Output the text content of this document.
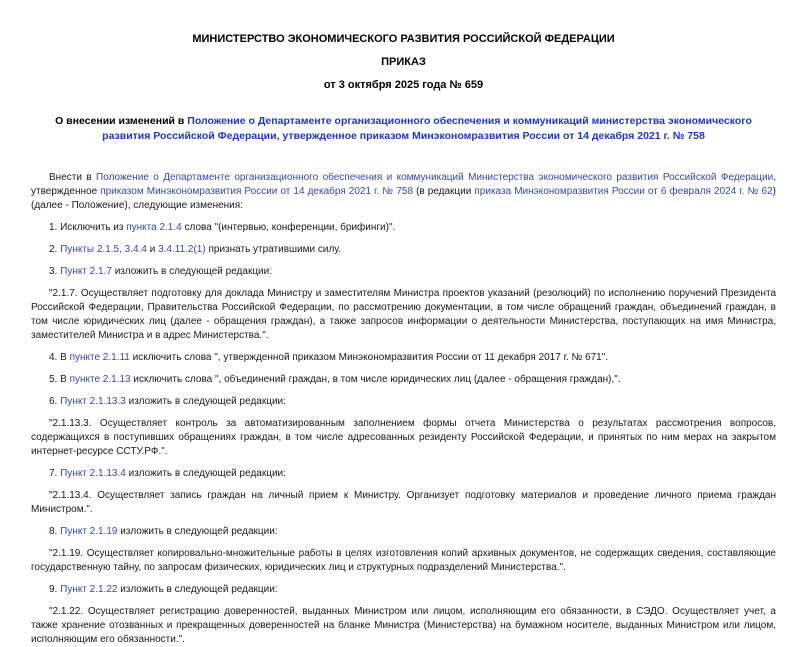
МИНИСТЕРСТВО ЭКОНОМИЧЕСКОГО РАЗВИТИЯ РОССИЙСКОЙ ФЕДЕРАЦИИ
ПРИКАЗ
от 3 октября 2025 года № 659
О внесении изменений в Положение о Департаменте организационного обеспечения и коммуникаций министерства экономического развития Российской Федерации, утвержденное приказом Минэкономразвития России от 14 декабря 2021 г. № 758

Внести в Положение о Департаменте организационного обеспечения и коммуникаций Министерства экономического развития Российской Федерации, утвержденное приказом Минэкономразвития России от 14 декабря 2021 г. № 758 (в редакции приказа Минэкономразвития России от 6 февраля 2024 г. № 62) (далее - Положение), следующие изменения:

1. Исключить из пункта 2.1.4 слова "(интервью, конференции, брифинги)".

2. Пункты 2.1.5, 3.4.4 и 3.4.11.2(1) признать утратившими силу.

3. Пункт 2.1.7 изложить в следующей редакции:

"2.1.7. Осуществляет подготовку для доклада Министру и заместителям Министра проектов указаний (резолюций) по исполнению поручений Президента Российской Федерации, Правительства Российской Федерации, по рассмотрению документации, в том числе обращений граждан, объединений граждан, в том числе юридических лиц (далее - обращения граждан), а также запросов информации о деятельности Министерства, поступающих на имя Министра, заместителей Министра и в адрес Министерства.".

4. В пункте 2.1.11 исключить слова ", утвержденной приказом Минэкономразвития России от 11 декабря 2017 г. № 671".

5. В пункте 2.1.13 исключить слова ", объединений граждан, в том числе юридических лиц (далее - обращения граждан),".

6. Пункт 2.1.13.3 изложить в следующей редакции:

"2.1.13.3. Осуществляет контроль за автоматизированным заполнением формы отчета Министерства о результатах рассмотрения вопросов, содержащихся в поступивших обращениях граждан, в том числе адресованных резиденту Российской Федерации, и принятых по ним мерах на закрытом интернет-ресурсе ССТУ.РФ.".

7. Пункт 2.1.13.4 изложить в следующей редакции:

"2.1.13.4. Осуществляет запись граждан на личный прием к Министру. Организует подготовку материалов и проведение личного приема граждан Министром.".

8. Пункт 2.1.19 изложить в следующей редакции:

"2.1.19. Осуществляет копировально-множительные работы в целях изготовления копий архивных документов, не содержащих сведения, составляющие государственную тайну, по запросам физических, юридических лиц и структурных подразделений Министерства.".

9. Пункт 2.1.22 изложить в следующей редакции:

"2.1.22. Осуществляет регистрацию доверенностей, выданных Министром или лицом, исполняющим его обязанности, в СЭДО. Осуществляет учет, а также хранение отозванных и прекращенных доверенностей на бланке Министра (Министерства) на бумажном носителе, выданных Министром или лицом, исполняющим его обязанности.".
